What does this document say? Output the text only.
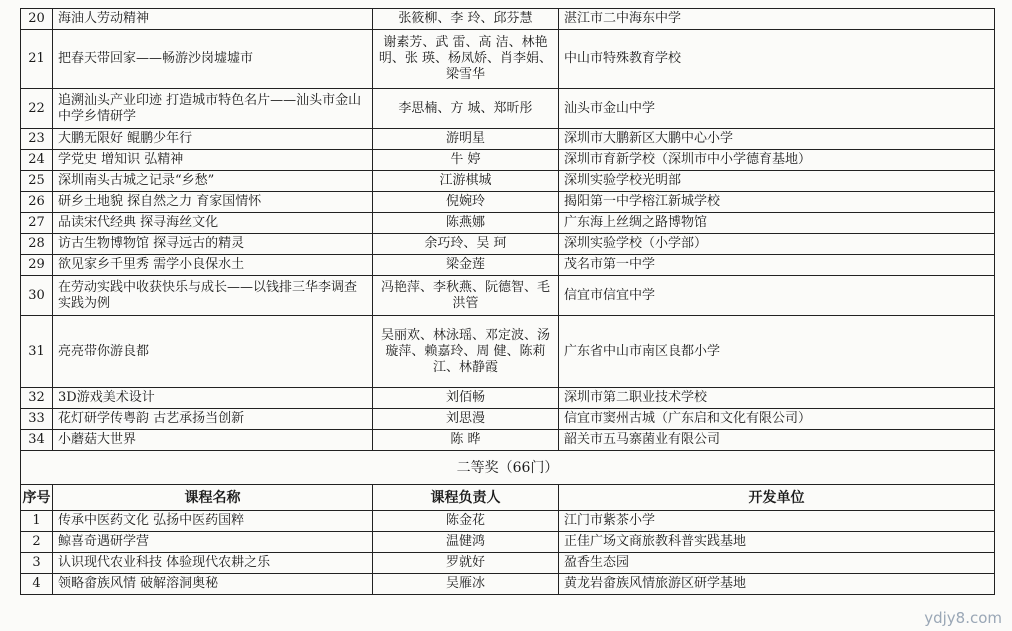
20	海油人劳动精神	张筱柳、李 玲、邱芬慧	湛江市二中海东中学
21	把春天带回家——畅游沙岗墟墟市	谢素芳、武 雷、高 洁、林艳明、张 瑛、杨凤娇、肖李娟、梁雪华	中山市特殊教育学校
22	追溯汕头产业印迹 打造城市特色名片——汕头市金山中学乡情研学	李思楠、方 城、郑昕彤	汕头市金山中学
23	大鹏无限好 鲲鹏少年行	游明星	深圳市大鹏新区大鹏中心小学
24	学党史 增知识 弘精神	牛 婷	深圳市育新学校（深圳市中小学德育基地）
25	深圳南头古城之记录“乡愁”	江游棋城	深圳实验学校光明部
26	研乡土地貌 探自然之力 育家国情怀	倪婉玲	揭阳第一中学榕江新城学校
27	品读宋代经典 探寻海丝文化	陈燕娜	广东海上丝绸之路博物馆
28	访古生物博物馆 探寻远古的精灵	余巧玲、吴 珂	深圳实验学校（小学部）
29	欲见家乡千里秀 需学小良保水土	梁金莲	茂名市第一中学
30	在劳动实践中收获快乐与成长——以钱排三华李调查实践为例	冯艳萍、李秋燕、阮德智、毛洪管	信宜市信宜中学
31	亮亮带你游良都	吴丽欢、林泳瑶、邓定波、汤璇萍、赖嘉玲、周 健、陈莉江、林静霞	广东省中山市南区良都小学
32	3D游戏美术设计	刘佰畅	深圳市第二职业技术学校
33	花灯研学传粤韵 古艺承扬当创新	刘思漫	信宜市窦州古城（广东启和文化有限公司）
34	小蘑菇大世界	陈 晔	韶关市五马寨菌业有限公司
二等奖（66门）			
序号	课程名称	课程负责人	开发单位
1	传承中医药文化 弘扬中医药国粹	陈金花	江门市紫茶小学
2	鲸喜奇遇研学营	温健鸿	正佳广场文商旅教科普实践基地
3	认识现代农业科技 体验现代农耕之乐	罗就好	盈香生态园
4	领略畲族风情 破解溶洞奥秘	吴雁冰	黄龙岩畲族风情旅游区研学基地
ydjy8.com
